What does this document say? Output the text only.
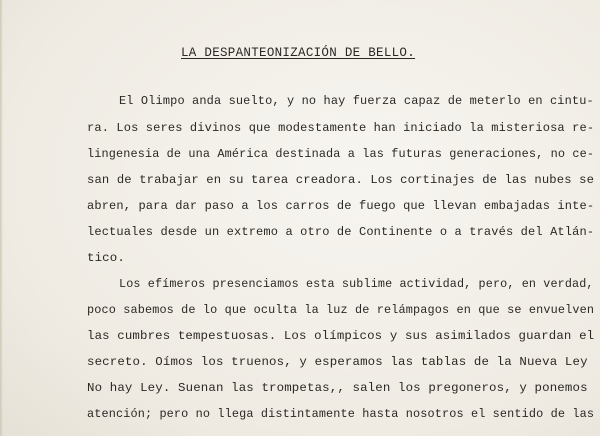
LA DESPANTEONIZACIÓN DE BELLO.
El Olimpo anda suelto, y no hay fuerza capaz de meterlo en cintu-
ra. Los seres divinos que modestamente han iniciado la misteriosa re-
lingenesia de una América destinada a las futuras generaciones, no ce-
san de trabajar en su tarea creadora. Los cortinajes de las nubes se
abren, para dar paso a los carros de fuego que llevan embajadas inte-
lectuales desde un extremo a otro de Continente o a través del Atlán-
tico.
Los efímeros presenciamos esta sublime actividad, pero, en verdad,
poco sabemos de lo que oculta la luz de relámpagos en que se envuelven
las cumbres tempestuosas. Los olímpicos y sus asimilados guardan el
secreto. Oímos los truenos, y esperamos las tablas de la Nueva Ley
No hay Ley. Suenan las trompetas,, salen los pregoneros, y ponemos
atención; pero no llega distintamente hasta nosotros el sentido de las
